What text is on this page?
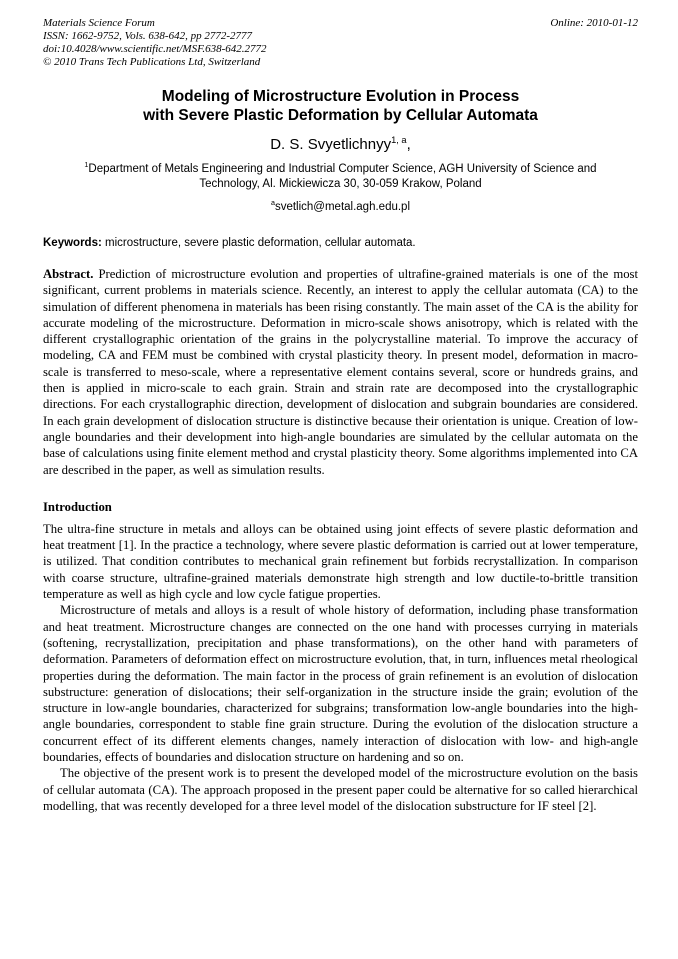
Materials Science Forum
ISSN: 1662-9752, Vols. 638-642, pp 2772-2777
doi:10.4028/www.scientific.net/MSF.638-642.2772
© 2010 Trans Tech Publications Ltd, Switzerland
Online: 2010-01-12
Modeling of Microstructure Evolution in Process
with Severe Plastic Deformation by Cellular Automata
D. S. Svyetlichnyy$^{1, a}$,
$^1$Department of Metals Engineering and Industrial Computer Science, AGH University of Science and Technology, Al. Mickiewicza 30, 30-059 Krakow, Poland
$^a$svetlich@metal.agh.edu.pl
Keywords: microstructure, severe plastic deformation, cellular automata.

Abstract. Prediction of microstructure evolution and properties of ultrafine-grained materials is one of the most significant, current problems in materials science. Recently, an interest to apply the cellular automata (CA) to the simulation of different phenomena in materials has been rising constantly. The main asset of the CA is the ability for accurate modeling of the microstructure. Deformation in micro-scale shows anisotropy, which is related with the different crystallographic orientation of the grains in the polycrystalline material. To improve the accuracy of modeling, CA and FEM must be combined with crystal plasticity theory. In present model, deformation in macro-scale is transferred to meso-scale, where a representative element contains several, score or hundreds grains, and then is applied in micro-scale to each grain. Strain and strain rate are decomposed into the crystallographic directions. For each crystallographic direction, development of dislocation and subgrain boundaries are considered. In each grain development of dislocation structure is distinctive because their orientation is unique. Creation of low-angle boundaries and their development into high-angle boundaries are simulated by the cellular automata on the base of calculations using finite element method and crystal plasticity theory. Some algorithms implemented into CA are described in the paper, as well as simulation results.

Introduction

The ultra-fine structure in metals and alloys can be obtained using joint effects of severe plastic deformation and heat treatment [1]. In the practice a technology, where severe plastic deformation is carried out at lower temperature, is utilized. That condition contributes to mechanical grain refinement but forbids recrystallization. In comparison with coarse structure, ultrafine-grained materials demonstrate high strength and low ductile-to-brittle transition temperature as well as high cycle and low cycle fatigue properties.

Microstructure of metals and alloys is a result of whole history of deformation, including phase transformation and heat treatment. Microstructure changes are connected on the one hand with processes currying in materials (softening, recrystallization, precipitation and phase transformations), on the other hand with parameters of deformation. Parameters of deformation effect on microstructure evolution, that, in turn, influences metal rheological properties during the deformation. The main factor in the process of grain refinement is an evolution of dislocation substructure: generation of dislocations; their self-organization in the structure inside the grain; evolution of the structure in low-angle boundaries, characterized for subgrains; transformation low-angle boundaries into the high-angle boundaries, correspondent to stable fine grain structure. During the evolution of the dislocation structure a concurrent effect of its different elements changes, namely interaction of dislocation with low- and high-angle boundaries, effects of boundaries and dislocation structure on hardening and so on.

The objective of the present work is to present the developed model of the microstructure evolution on the basis of cellular automata (CA). The approach proposed in the present paper could be alternative for so called hierarchical modelling, that was recently developed for a three level model of the dislocation substructure for IF steel [2].
